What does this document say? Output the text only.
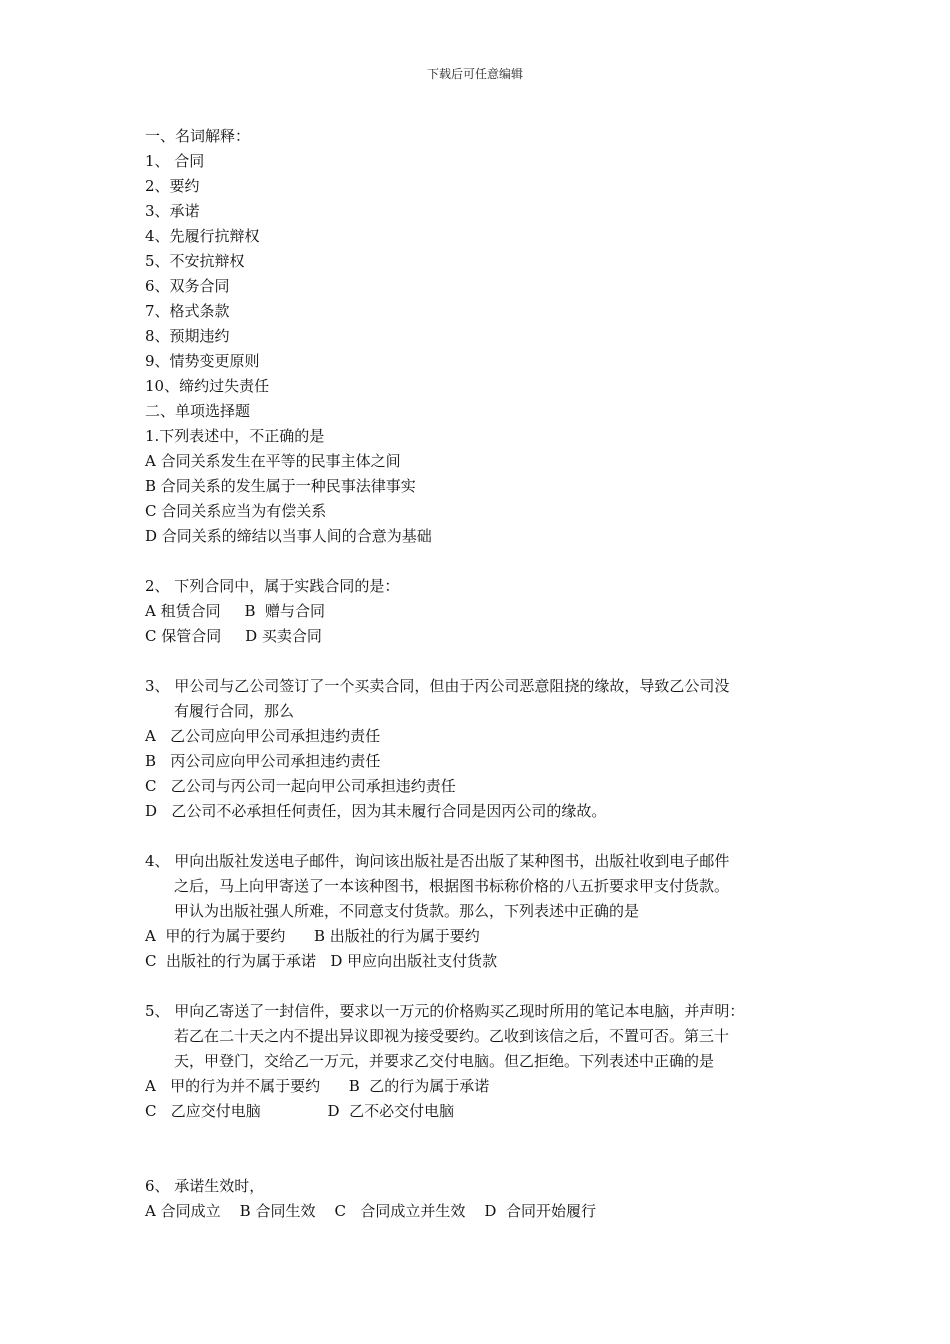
下载后可任意编辑
一、名词解释：
1、 合同
2、要约
3、承诺
4、先履行抗辩权
5、不安抗辩权
6、双务合同
7、格式条款
8、预期违约
9、情势变更原则
10、缔约过失责任
二、单项选择题
1.下列表述中，不正确的是
A 合同关系发生在平等的民事主体之间
B 合同关系的发生属于一种民事法律事实
C 合同关系应当为有偿关系
D 合同关系的缔结以当事人间的合意为基础
2、 下列合同中，属于实践合同的是：
A 租赁合同     B  赠与合同
C 保管合同     D 买卖合同
3、 甲公司与乙公司签订了一个买卖合同，但由于丙公司恶意阻挠的缘故，导致乙公司没
有履行合同，那么
A   乙公司应向甲公司承担违约责任
B   丙公司应向甲公司承担违约责任
C   乙公司与丙公司一起向甲公司承担违约责任
D   乙公司不必承担任何责任，因为其未履行合同是因丙公司的缘故。
4、 甲向出版社发送电子邮件，询问该出版社是否出版了某种图书，出版社收到电子邮件
之后，马上向甲寄送了一本该种图书，根据图书标称价格的八五折要求甲支付货款。
甲认为出版社强人所难，不同意支付货款。那么，下列表述中正确的是
A  甲的行为属于要约      B 出版社的行为属于要约
C  出版社的行为属于承诺   D 甲应向出版社支付货款
5、 甲向乙寄送了一封信件，要求以一万元的价格购买乙现时所用的笔记本电脑，并声明：
若乙在二十天之内不提出异议即视为接受要约。乙收到该信之后，不置可否。第三十
天，甲登门，交给乙一万元，并要求乙交付电脑。但乙拒绝。下列表述中正确的是
A   甲的行为并不属于要约      B  乙的行为属于承诺
C   乙应交付电脑              D  乙不必交付电脑
6、 承诺生效时，
A 合同成立    B 合同生效    C   合同成立并生效    D  合同开始履行
